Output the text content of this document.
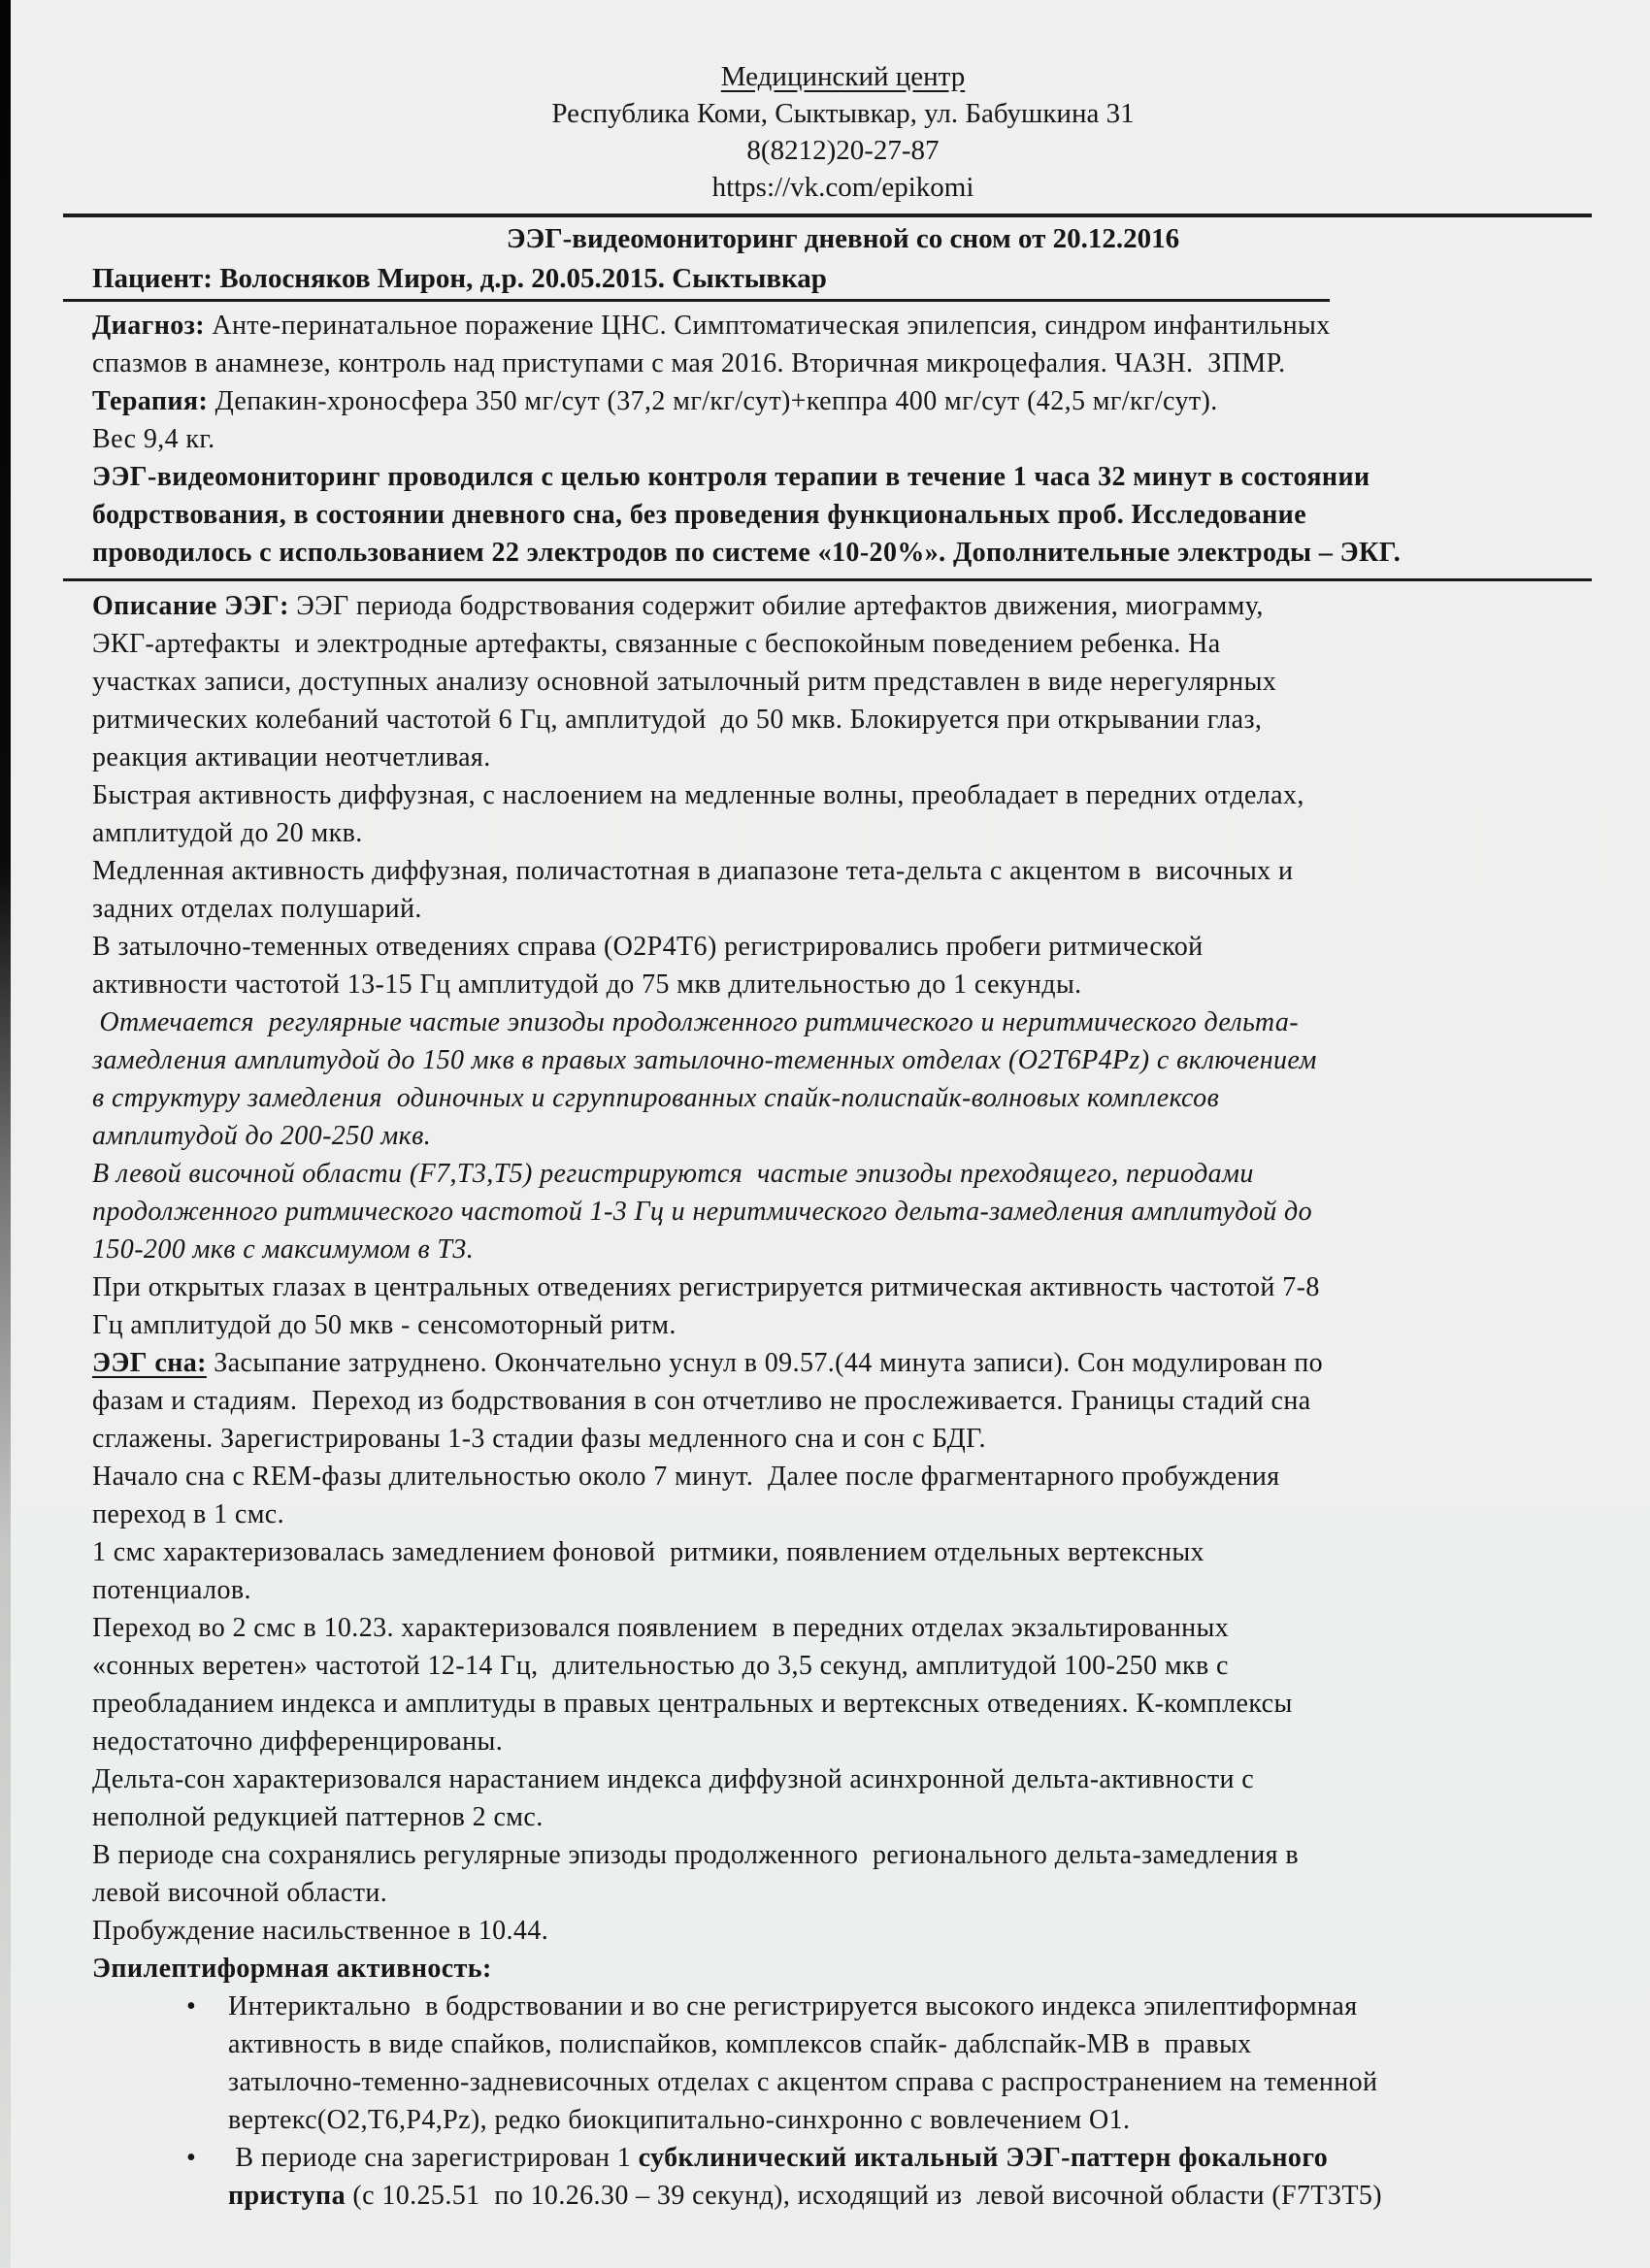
Медицинский центр
Республика Коми, Сыктывкар, ул. Бабушкина 31
8(8212)20-27-87
https://vk.com/epikomi
ЭЭГ-видеомониторинг дневной со сном от 20.12.2016
Пациент: Волосняков Мирон, д.р. 20.05.2015. Сыктывкар
Диагноз: Анте-перинатальное поражение ЦНС. Симптоматическая эпилепсия, синдром инфантильных
спазмов в анамнезе, контроль над приступами с мая 2016. Вторичная микроцефалия. ЧАЗН.  ЗПМР.
Терапия: Депакин-хроносфера 350 мг/сут (37,2 мг/кг/сут)+кеппра 400 мг/сут (42,5 мг/кг/сут).
Вес 9,4 кг.
ЭЭГ-видеомониторинг проводился с целью контроля терапии в течение 1 часа 32 минут в состоянии
бодрствования, в состоянии дневного сна, без проведения функциональных проб. Исследование
проводилось с использованием 22 электродов по системе «10-20%». Дополнительные электроды – ЭКГ.
Описание ЭЭГ: ЭЭГ периода бодрствования содержит обилие артефактов движения, миограмму,
ЭКГ-артефакты  и электродные артефакты, связанные с беспокойным поведением ребенка. На
участках записи, доступных анализу основной затылочный ритм представлен в виде нерегулярных
ритмических колебаний частотой 6 Гц, амплитудой  до 50 мкв. Блокируется при открывании глаз,
реакция активации неотчетливая.
Быстрая активность диффузная, с наслоением на медленные волны, преобладает в передних отделах,
амплитудой до 20 мкв.
Медленная активность диффузная, поличастотная в диапазоне тета-дельта с акцентом в  височных и
задних отделах полушарий.
В затылочно-теменных отведениях справа (O2P4T6) регистрировались пробеги ритмической
активности частотой 13-15 Гц амплитудой до 75 мкв длительностью до 1 секунды.
Отмечается  регулярные частые эпизоды продолженного ритмического и неритмического дельта-
замедления амплитудой до 150 мкв в правых затылочно-теменных отделах (O2T6P4Pz) с включением
в структуру замедления  одиночных и сгруппированных спайк-полиспайк-волновых комплексов
амплитудой до 200-250 мкв.
В левой височной области (F7,T3,T5) регистрируются  частые эпизоды преходящего, периодами
продолженного ритмического частотой 1-3 Гц и неритмического дельта-замедления амплитудой до
150-200 мкв с максимумом в T3.
При открытых глазах в центральных отведениях регистрируется ритмическая активность частотой 7-8
Гц амплитудой до 50 мкв - сенсомоторный ритм.
ЭЭГ сна: Засыпание затруднено. Окончательно уснул в 09.57.(44 минута записи). Сон модулирован по
фазам и стадиям.  Переход из бодрствования в сон отчетливо не прослеживается. Границы стадий сна
сглажены. Зарегистрированы 1-3 стадии фазы медленного сна и сон с БДГ.
Начало сна с REM-фазы длительностью около 7 минут.  Далее после фрагментарного пробуждения
переход в 1 смс.
1 смс характеризовалась замедлением фоновой  ритмики, появлением отдельных вертексных
потенциалов.
Переход во 2 смс в 10.23. характеризовался появлением  в передних отделах экзальтированных
«сонных веретен» частотой 12-14 Гц,  длительностью до 3,5 секунд, амплитудой 100-250 мкв с
преобладанием индекса и амплитуды в правых центральных и вертексных отведениях. К-комплексы
недостаточно дифференцированы.
Дельта-сон характеризовался нарастанием индекса диффузной асинхронной дельта-активности с
неполной редукцией паттернов 2 смс.
В периоде сна сохранялись регулярные эпизоды продолженного  регионального дельта-замедления в
левой височной области.
Пробуждение насильственное в 10.44.
Эпилептиформная активность:
• Интериктально  в бодрствовании и во сне регистрируется высокого индекса эпилептиформная
активность в виде спайков, полиспайков, комплексов спайк- даблспайк-МВ в  правых
затылочно-теменно-задневисочных отделах с акцентом справа с распространением на теменной
вертекс(O2,T6,P4,Pz), редко биокципитально-синхронно с вовлечением O1.
• В периоде сна зарегистрирован 1 субклинический иктальный ЭЭГ-паттерн фокального
приступа (с 10.25.51  по 10.26.30 – 39 секунд), исходящий из  левой височной области (F7T3T5)
